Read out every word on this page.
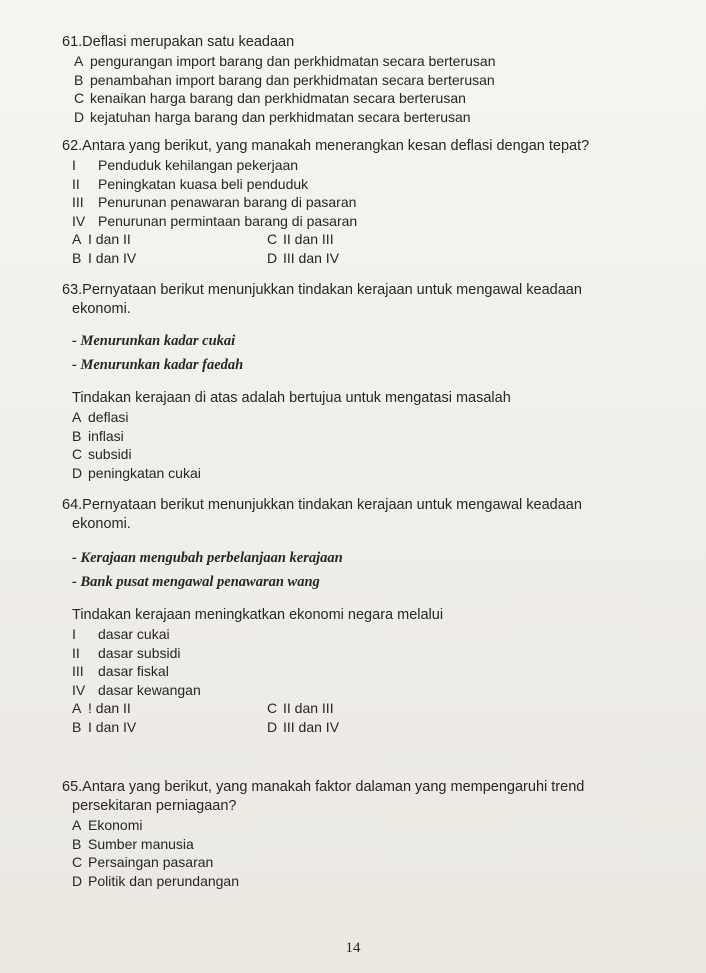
61.Deflasi merupakan satu keadaan
A pengurangan import barang dan perkhidmatan secara berterusan
B penambahan import barang dan perkhidmatan secara berterusan
C kenaikan harga barang dan perkhidmatan secara berterusan
D kejatuhan harga barang dan perkhidmatan secara berterusan
62.Antara yang berikut, yang manakah menerangkan kesan deflasi dengan tepat?
I Penduduk kehilangan pekerjaan
II Peningkatan kuasa beli penduduk
III Penurunan penawaran barang di pasaran
IV Penurunan permintaan barang di pasaran
A I dan II	C II dan III
B I dan IV	D III dan IV
63.Pernyataan berikut menunjukkan tindakan kerajaan untuk mengawal keadaan
ekonomi.
- Menurunkan kadar cukai
- Menurunkan kadar faedah
Tindakan kerajaan di atas adalah bertujua untuk mengatasi masalah
A deflasi
B inflasi
C subsidi
D peningkatan cukai
64.Pernyataan berikut menunjukkan tindakan kerajaan untuk mengawal keadaan
ekonomi.
- Kerajaan mengubah perbelanjaan kerajaan
- Bank pusat mengawal penawaran wang
Tindakan kerajaan meningkatkan ekonomi negara melalui
I dasar cukai
II dasar subsidi
III dasar fiskal
IV dasar kewangan
A ! dan II	C II dan III
B I dan IV	D III dan IV
65.Antara yang berikut, yang manakah faktor dalaman yang mempengaruhi trend
persekitaran perniagaan?
A Ekonomi
B Sumber manusia
C Persaingan pasaran
D Politik dan perundangan
14
